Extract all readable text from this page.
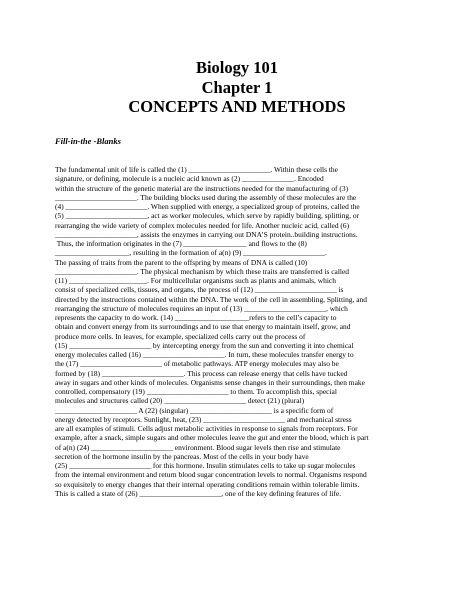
Biology 101

Chapter 1

CONCEPTS AND METHODS

Fill-in-the -Blanks

The fundamental unit of life is called the (1) ______________________. Within these cells the
signature, or defining, molecule is a nucleic acid known as (2) ______________. Encoded
within the structure of the genetic material are the instructions needed for the manufacturing of (3)
______________________. The building blocks used during the assembly of these molecules are the
(4) ______________________. When supplied with energy, a specialized group of proteins, called the
(5) ______________________, act as worker molecules, which serve by rapidly building, splitting, or
rearranging the wide variety of complex molecules needed for life. Another nucleic acid, called (6)
______________________, assists the enzymes in carrying out DNA’S protein..building instructions.
Thus, the information originates in the (7) _________________ and flows to the (8)
____________________, resulting in the formation of a(n) (9) ______________________.
The passing of traits from the parent to the offspring by means of DNA is called (10)
______________________. The physical mechanism by which these traits are transferred is called
(11) _____________________. For multicellular organisms such as plants and animals, which
consist of specialized cells, tissues, and organs, the process of (12) ______________________ is
directed by the instructions contained within the DNA. The work of the cell in assembling, Splitting, and
rearranging the structure of molecules requires an input of (13) ______________________, which
represents the capacity to do work. (14) ____________________refers to the cell’s capacity to
obtain and convert energy from its surroundings and to use that energy to maintain itself, grow, and
produce more cells. In leaves, for example, specialized cells carry out the process of
(15) ______________________ by intercepting energy from the sun and converting it into chemical
energy molecules called (16) ______________________. In turn, these molecules transfer energy to
the (17) ______________________ of metabolic pathways. ATP energy molecules may also be
formed by (18) ______________________. This process can release energy that cells have tucked
away in sugars and other kinds of molecules. Organisms sense changes in their surroundings, then make
controlled, compensatory (19) ______________________ to them. To accomplish this, special
molecules and structures called (20) ______________________ detect (21) (plural)
______________________ A (22) (singular) ______________________ is a specific form of
energy detected by receptors. Sunlight, heat, (23) ______________________ and mechanical stress
are all examples of stimuli. Cells adjust metabolic activities in response to signals from receptors. For
example, after a snack, simple sugars and other molecules leave the gut and enter the blood, which is part
of a(n) (24) ______________________ environment. Blood sugar levels then rise and stimulate
secretion of the hormone insulin by the pancreas. Most of the cells in your body have
(25) ______________________ for this hormone. Insulin stimulates cells to take up sugar molecules
from the internal environment and return blood sugar concentration levels to normal. Organisms respond
so exquisitely to energy changes that their internal operating conditions remain within tolerable limits.
This is called a state of (26) ______________________, one of the key defining features of life.
